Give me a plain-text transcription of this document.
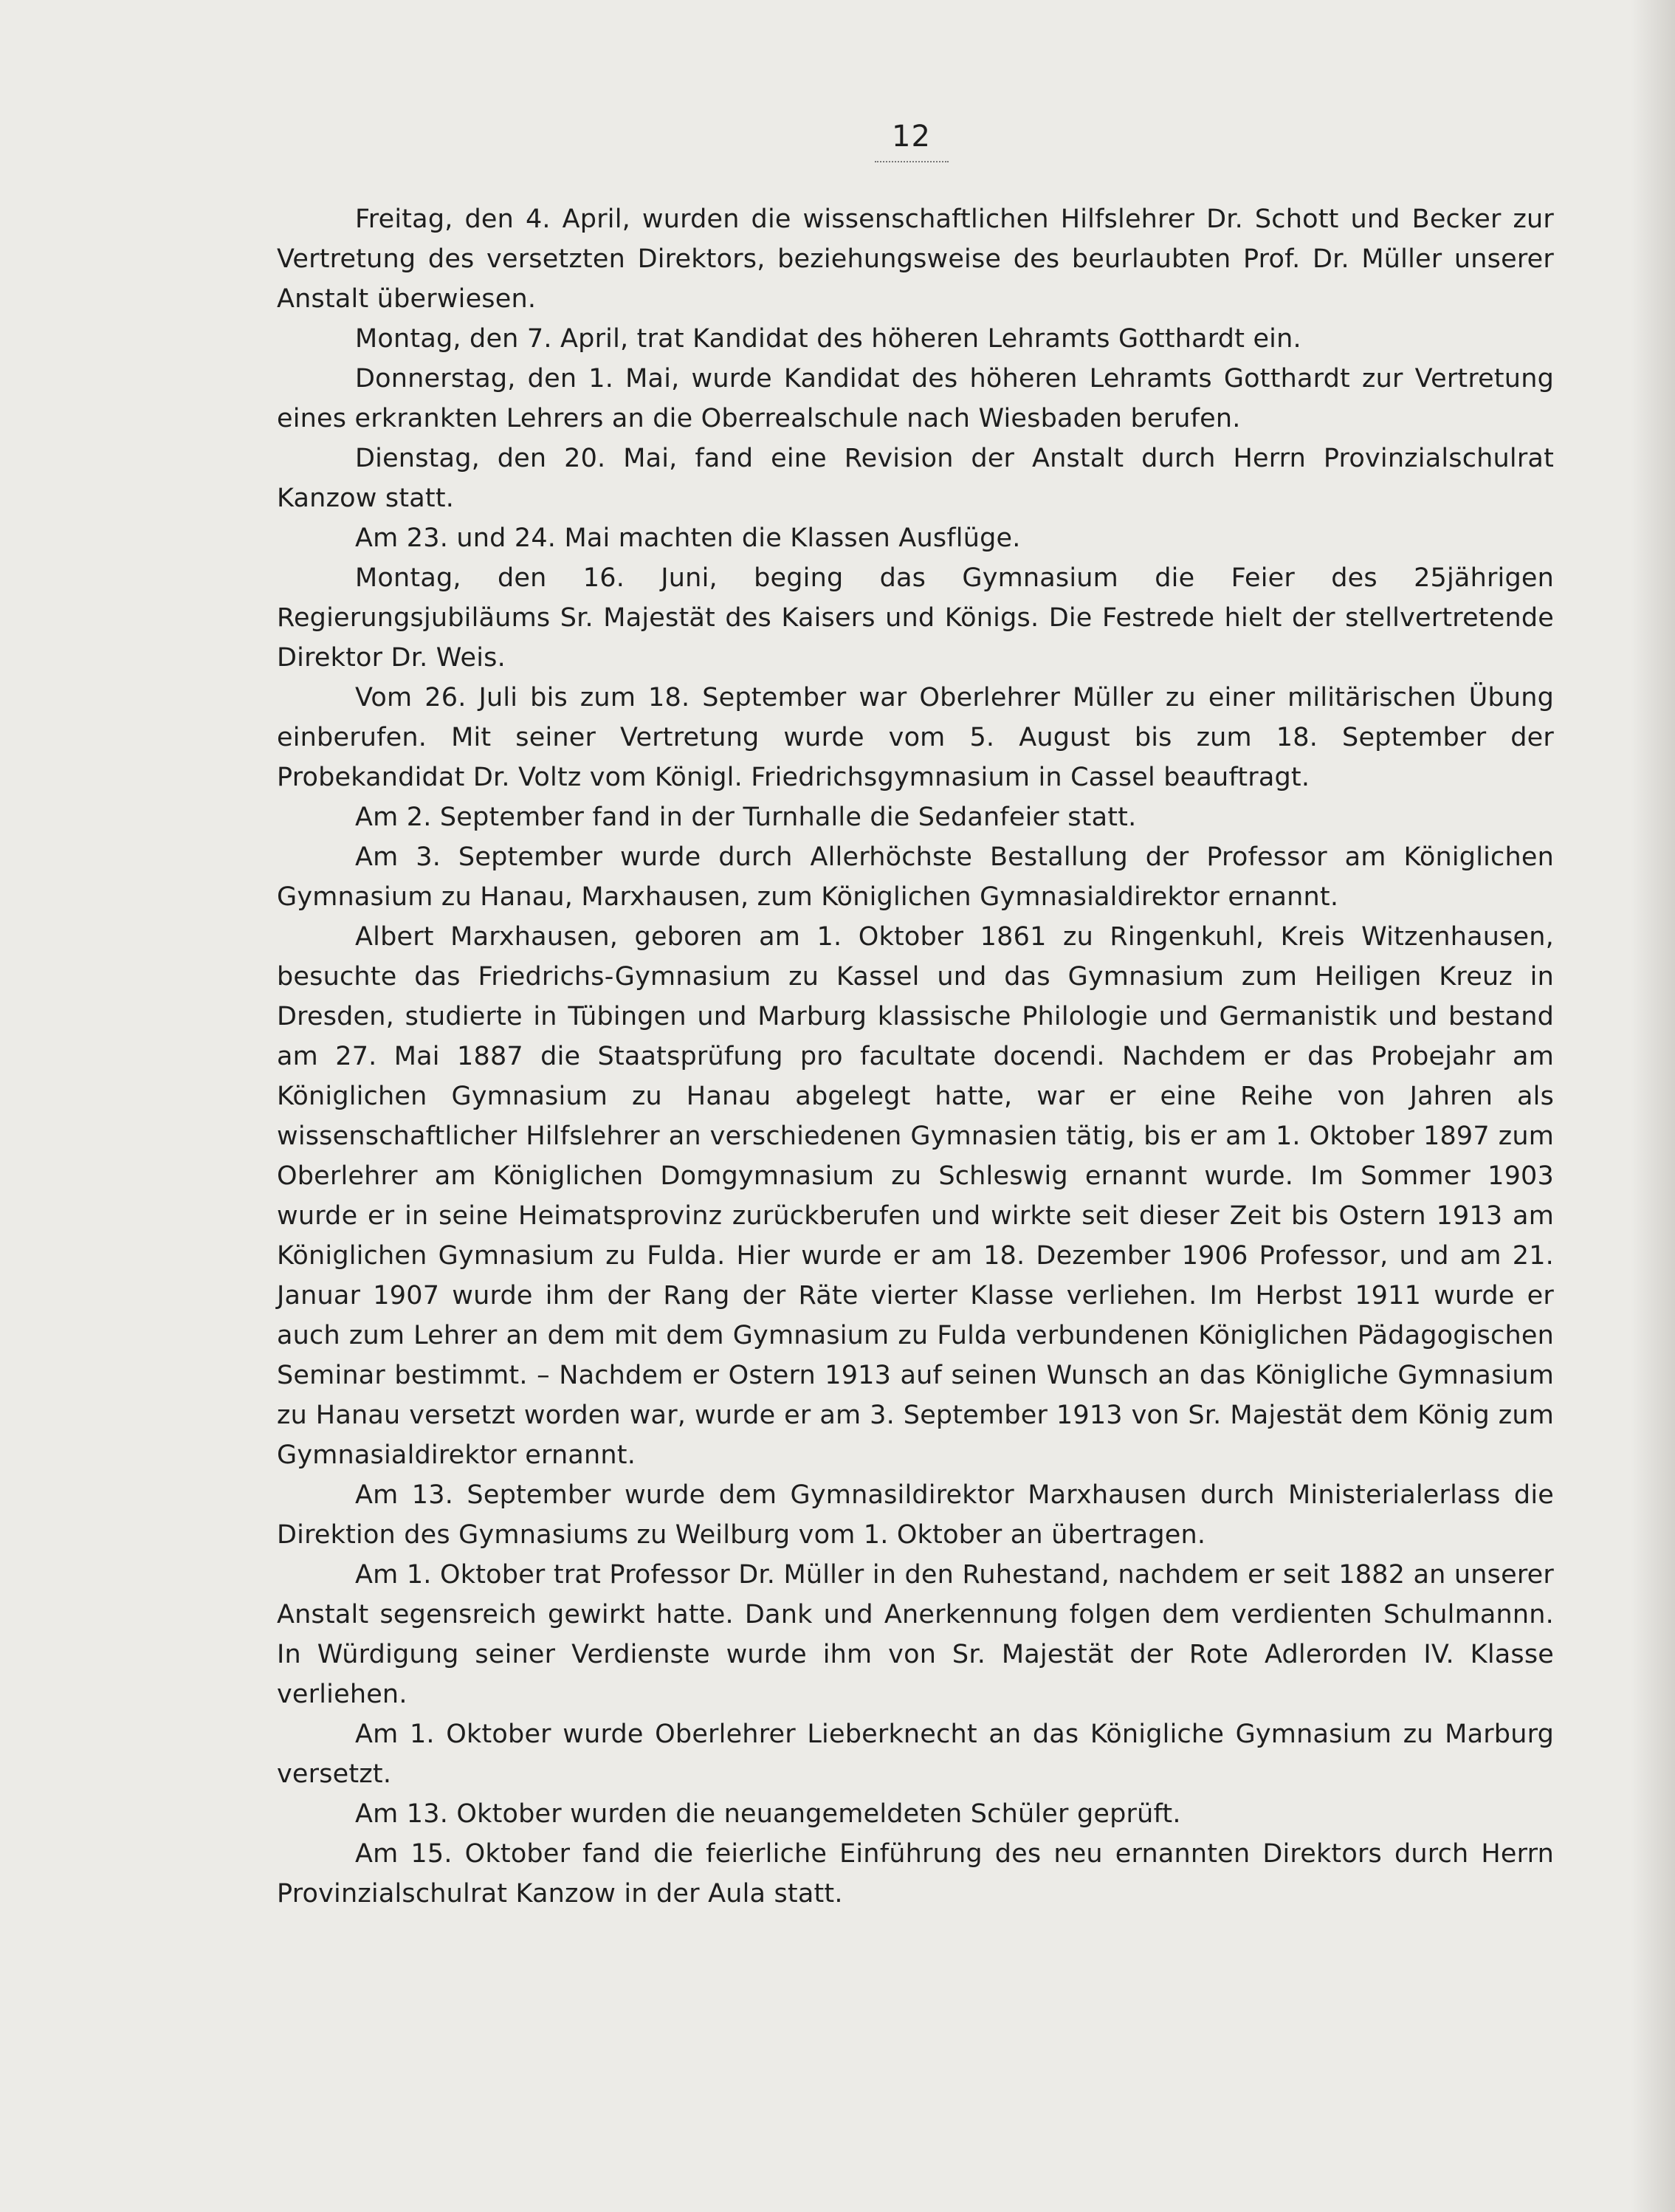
12

Freitag, den 4. April, wurden die wissenschaftlichen Hilfslehrer Dr. Schott und Becker zur Vertretung des versetzten Direktors, beziehungsweise des beurlaubten Prof. Dr. Müller unserer Anstalt überwiesen.

Montag, den 7. April, trat Kandidat des höheren Lehramts Gotthardt ein.

Donnerstag, den 1. Mai, wurde Kandidat des höheren Lehramts Gotthardt zur Vertretung eines erkrankten Lehrers an die Oberrealschule nach Wiesbaden berufen.

Dienstag, den 20. Mai, fand eine Revision der Anstalt durch Herrn Provinzialschulrat Kanzow statt.

Am 23. und 24. Mai machten die Klassen Ausflüge.

Montag, den 16. Juni, beging das Gymnasium die Feier des 25jährigen Regierungsjubiläums Sr. Majestät des Kaisers und Königs. Die Festrede hielt der stellvertretende Direktor Dr. Weis.

Vom 26. Juli bis zum 18. September war Oberlehrer Müller zu einer militärischen Übung einberufen. Mit seiner Vertretung wurde vom 5. August bis zum 18. September der Probekandidat Dr. Voltz vom Königl. Friedrichsgymnasium in Cassel beauftragt.

Am 2. September fand in der Turnhalle die Sedanfeier statt.

Am 3. September wurde durch Allerhöchste Bestallung der Professor am Königlichen Gymnasium zu Hanau, Marxhausen, zum Königlichen Gymnasialdirektor ernannt.

Albert Marxhausen, geboren am 1. Oktober 1861 zu Ringenkuhl, Kreis Witzenhausen, besuchte das Friedrichs-Gymnasium zu Kassel und das Gymnasium zum Heiligen Kreuz in Dresden, studierte in Tübingen und Marburg klassische Philologie und Germanistik und bestand am 27. Mai 1887 die Staatsprüfung pro facultate docendi. Nachdem er das Probejahr am Königlichen Gymnasium zu Hanau abgelegt hatte, war er eine Reihe von Jahren als wissenschaftlicher Hilfslehrer an verschiedenen Gymnasien tätig, bis er am 1. Oktober 1897 zum Oberlehrer am Königlichen Domgymnasium zu Schleswig ernannt wurde. Im Sommer 1903 wurde er in seine Heimatsprovinz zurückberufen und wirkte seit dieser Zeit bis Ostern 1913 am Königlichen Gymnasium zu Fulda. Hier wurde er am 18. Dezember 1906 Professor, und am 21. Januar 1907 wurde ihm der Rang der Räte vierter Klasse verliehen. Im Herbst 1911 wurde er auch zum Lehrer an dem mit dem Gymnasium zu Fulda verbundenen Königlichen Pädagogischen Seminar bestimmt. – Nachdem er Ostern 1913 auf seinen Wunsch an das Königliche Gymnasium zu Hanau versetzt worden war, wurde er am 3. September 1913 von Sr. Majestät dem König zum Gymnasialdirektor ernannt.

Am 13. September wurde dem Gymnasildirektor Marxhausen durch Ministerialerlass die Direktion des Gymnasiums zu Weilburg vom 1. Oktober an übertragen.

Am 1. Oktober trat Professor Dr. Müller in den Ruhestand, nachdem er seit 1882 an unserer Anstalt segensreich gewirkt hatte. Dank und Anerkennung folgen dem verdienten Schulmannn. In Würdigung seiner Verdienste wurde ihm von Sr. Majestät der Rote Adlerorden IV. Klasse verliehen.

Am 1. Oktober wurde Oberlehrer Lieberknecht an das Königliche Gymnasium zu Marburg versetzt.

Am 13. Oktober wurden die neuangemeldeten Schüler geprüft.

Am 15. Oktober fand die feierliche Einführung des neu ernannten Direktors durch Herrn Provinzialschulrat Kanzow in der Aula statt.
